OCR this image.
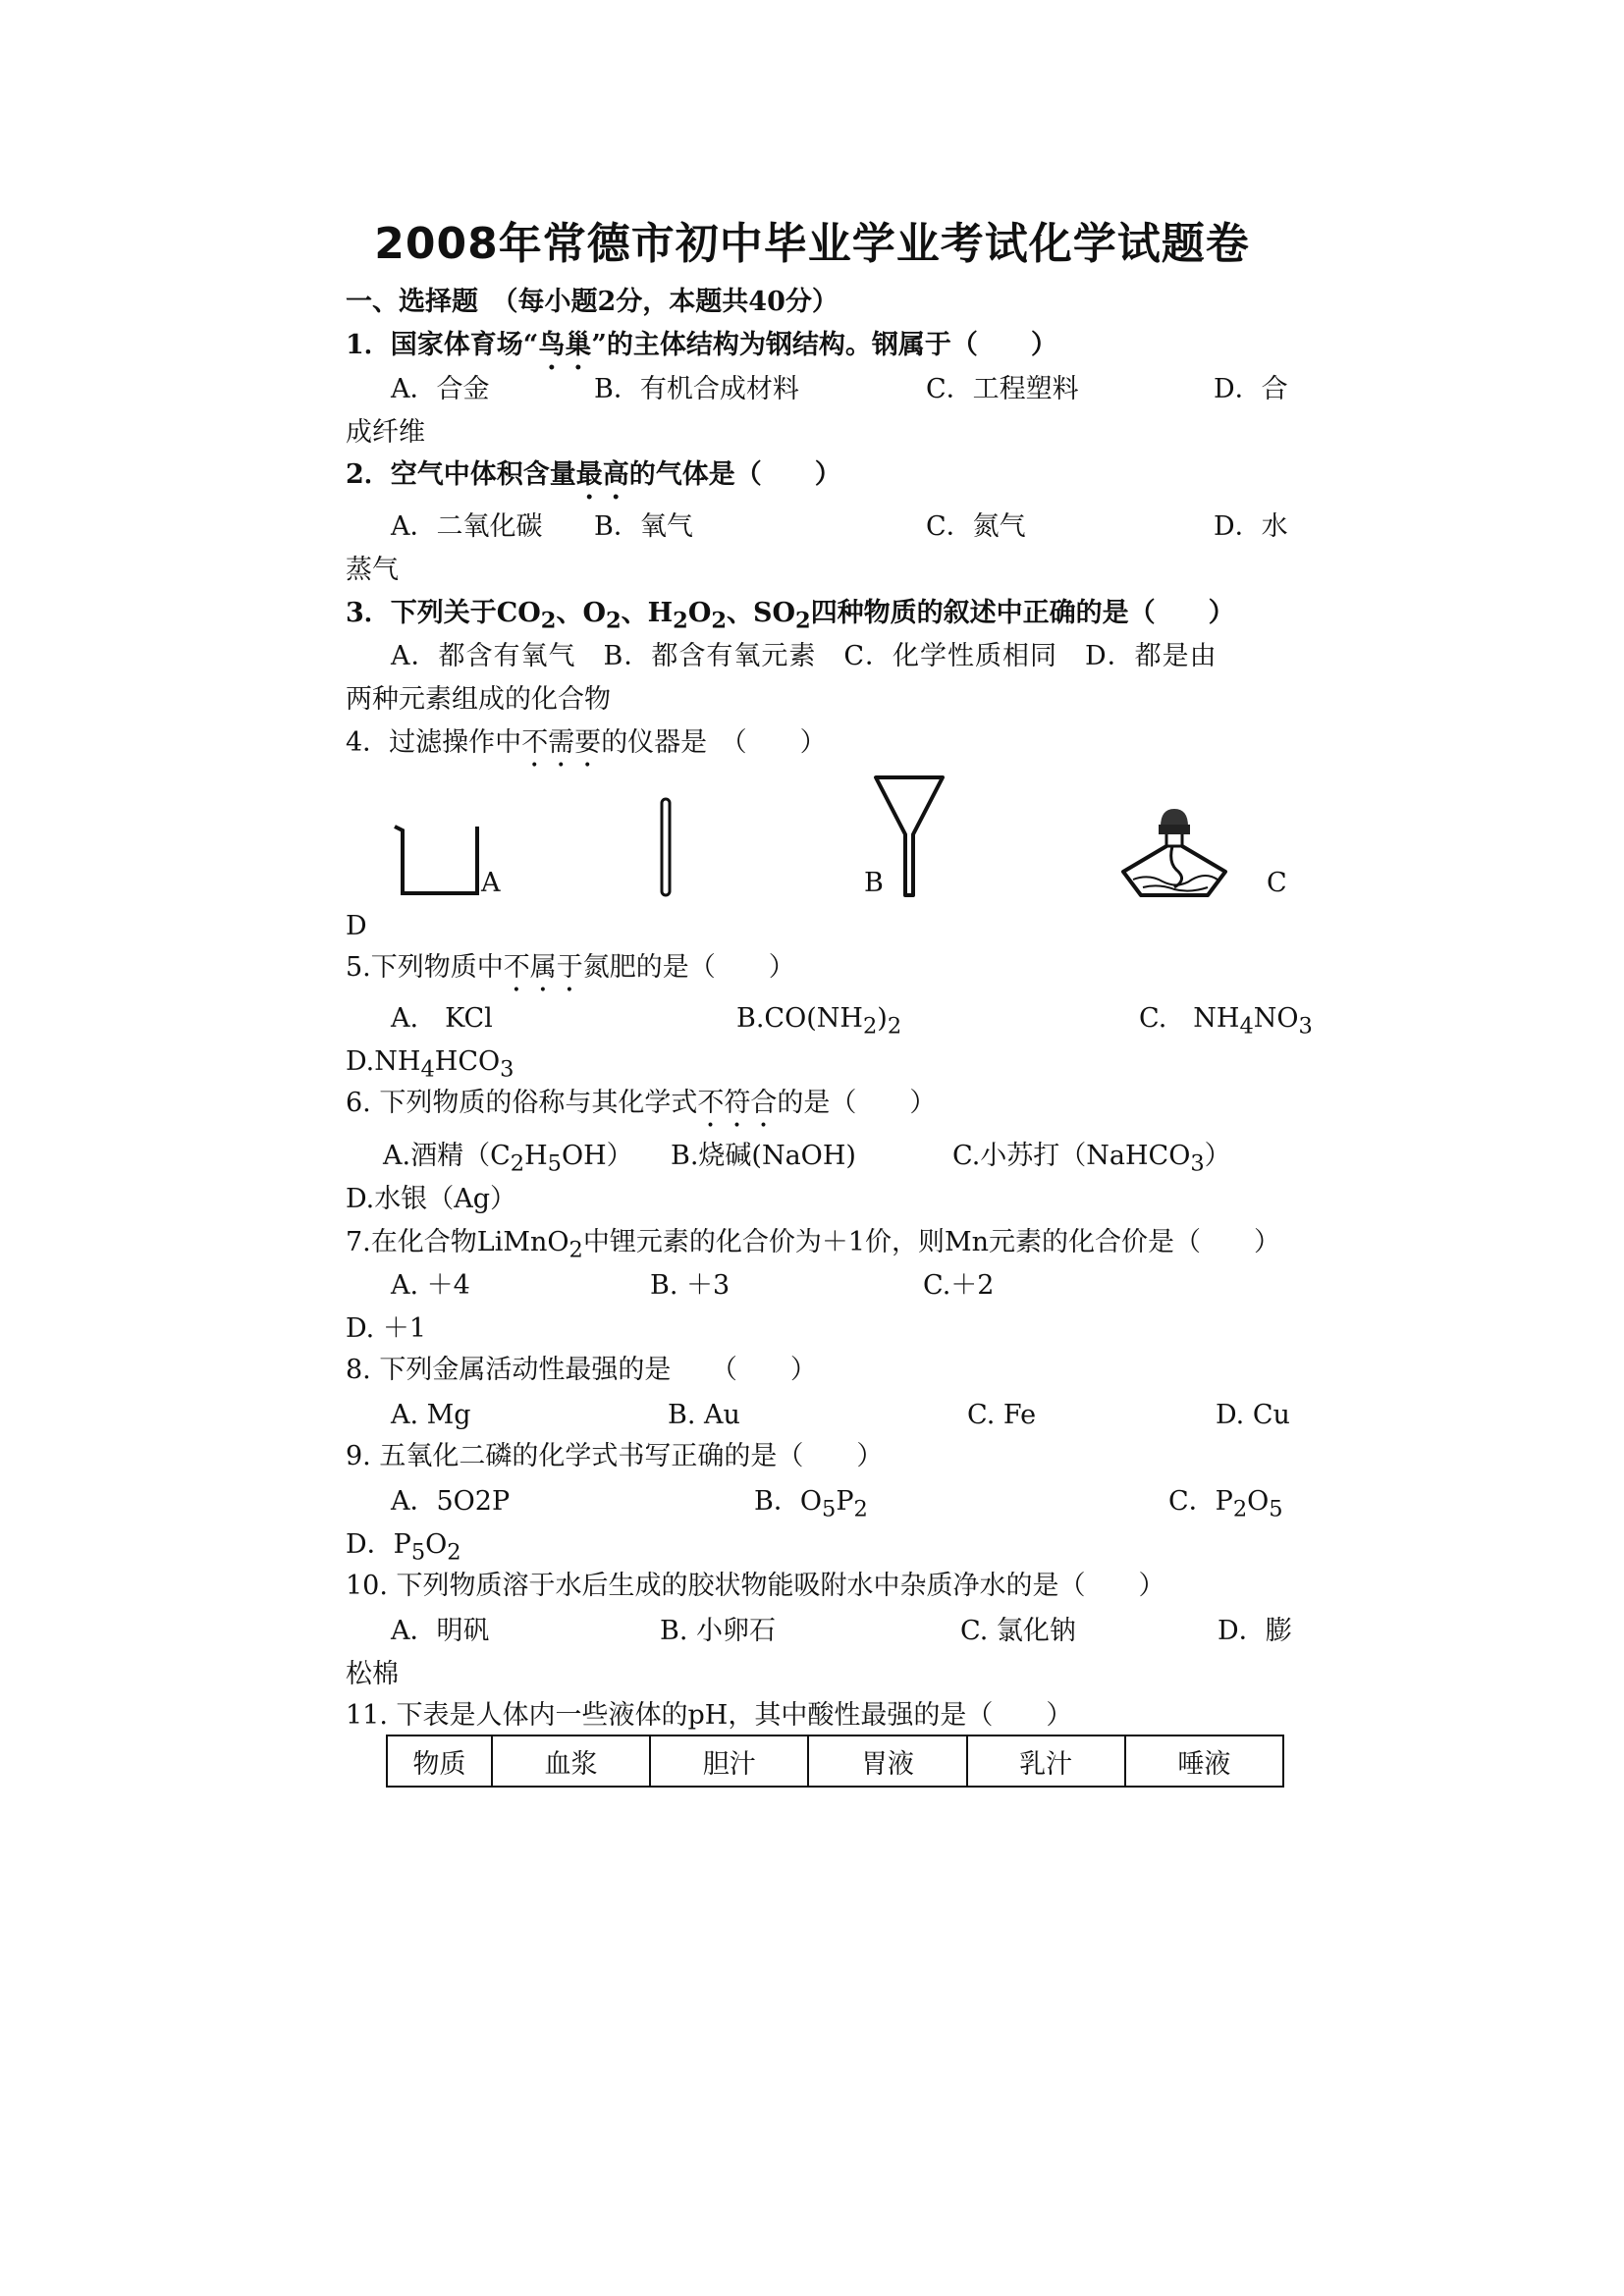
2008年常德市初中毕业学业考试化学试题卷
一、选择题　（每小题2分，本题共40分）
1．国家体育场“鸟巢”的主体结构为钢结构。钢属于（　　）
A．合金	B．有机合成材料	C．工程塑料	D．合
成纤维
2．空气中体积含量最高的气体是（　　）
A．二氧化碳 B．氧气	C．氮气	D．水
蒸气
3．下列关于$CO_2$、$O_2$、$H_2O_2$、$SO_2$四种物质的叙述中正确的是（　　）
A．都含有氧气　B．都含有氧元素　C．化学性质相同　D．都是由
两种元素组成的化合物
4．过滤操作中不需要的仪器是　（　　）
A	B	C
D
5.下列物质中不属于氮肥的是（　　）
A.　KCl	$B.CO(NH_2)_2$	C.　$NH_4NO_3$
$D.NH_4HCO_3$
6. 下列物质的俗称与其化学式不符合的是（　　）
A.酒精$(C_2H_5OH)$ B.烧碱(NaOH)	C.小苏打（NaHCO$_3$）
D.水银（Ag）
7.在化合物LiMnO$_2$中锂元素的化合价为＋1价，则Mn元素的化合价是（　　）
A. ＋4	B. ＋3	C.＋2
D. ＋1
8. 下列金属活动性最强的是　　（　　）
A. Mg	B. Au	C. Fe	D. Cu
9. 五氧化二磷的化学式书写正确的是（　　）
A．5O2P	B．$O_5P_2$	C．$P_2O_5$
D．$P_5O_2$
10. 下列物质溶于水后生成的胶状物能吸附水中杂质净水的是（　　）
A．明矾	B. 小卵石	C. 氯化钠	D．膨
松棉
11. 下表是人体内一些液体的pH，其中酸性最强的是（　　）
物质	血浆	胆汁	胃液	乳汁	唾液
